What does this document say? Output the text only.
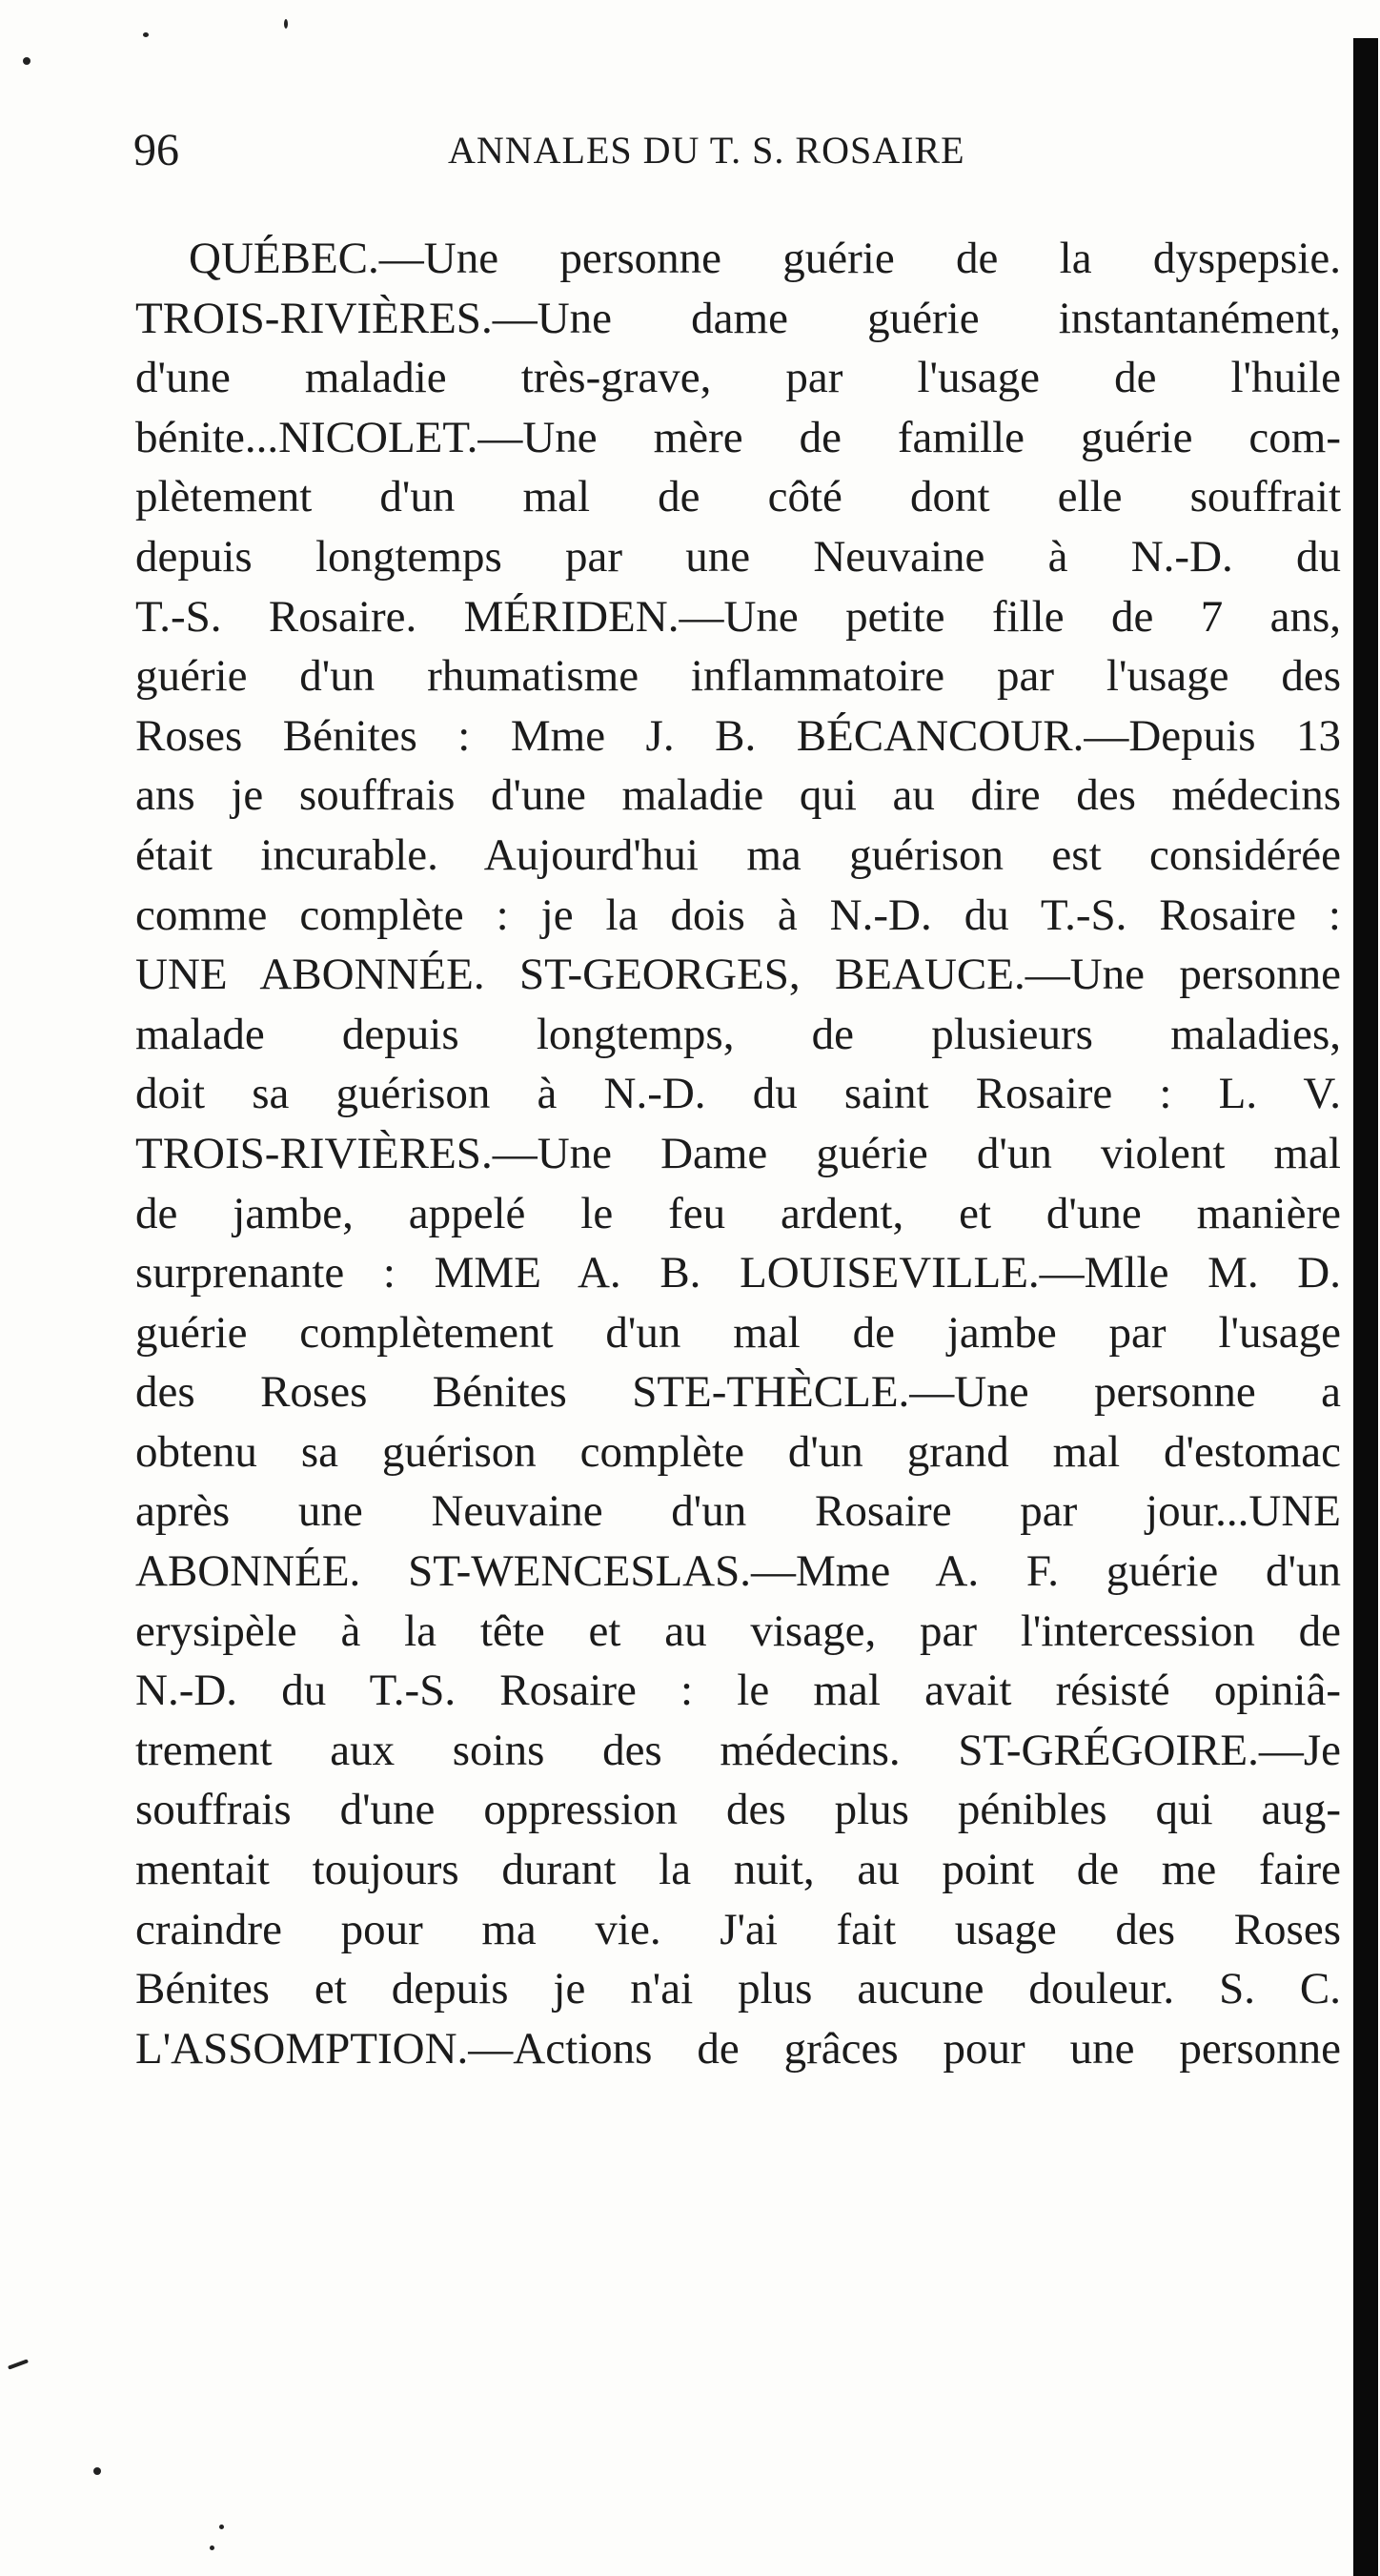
96	ANNALES DU T. S. ROSAIRE
QUÉBEC.—Une personne guérie de la dyspepsie.
TROIS-RIVIÈRES.—Une dame guérie instantanément,
d'une maladie très-grave, par l'usage de l'huile
bénite...NICOLET.—Une mère de famille guérie com-
plètement d'un mal de côté dont elle souffrait
depuis longtemps par une Neuvaine à N.-D. du
T.-S. Rosaire. MÉRIDEN.—Une petite fille de 7 ans,
guérie d'un rhumatisme inflammatoire par l'usage des
Roses Bénites : Mme J. B. BÉCANCOUR.—Depuis 13
ans je souffrais d'une maladie qui au dire des médecins
était incurable. Aujourd'hui ma guérison est considérée
comme complète : je la dois à N.-D. du T.-S. Rosaire :
UNE ABONNÉE. ST-GEORGES, BEAUCE.—Une personne
malade depuis longtemps, de plusieurs maladies,
doit sa guérison à N.-D. du saint Rosaire : L. V.
TROIS-RIVIÈRES.—Une Dame guérie d'un violent mal
de jambe, appelé le feu ardent, et d'une manière
surprenante : MME A. B. LOUISEVILLE.—Mlle M. D.
guérie complètement d'un mal de jambe par l'usage
des Roses Bénites STE-THÈCLE.—Une personne a
obtenu sa guérison complète d'un grand mal d'estomac
après une Neuvaine d'un Rosaire par jour...UNE
ABONNÉE. ST-WENCESLAS.—Mme A. F. guérie d'un
erysipèle à la tête et au visage, par l'intercession de
N.-D. du T.-S. Rosaire : le mal avait résisté opiniâ-
trement aux soins des médecins. ST-GRÉGOIRE.—Je
souffrais d'une oppression des plus pénibles qui aug-
mentait toujours durant la nuit, au point de me faire
craindre pour ma vie. J'ai fait usage des Roses
Bénites et depuis je n'ai plus aucune douleur. S. C.
L'ASSOMPTION.—Actions de grâces pour une personne
